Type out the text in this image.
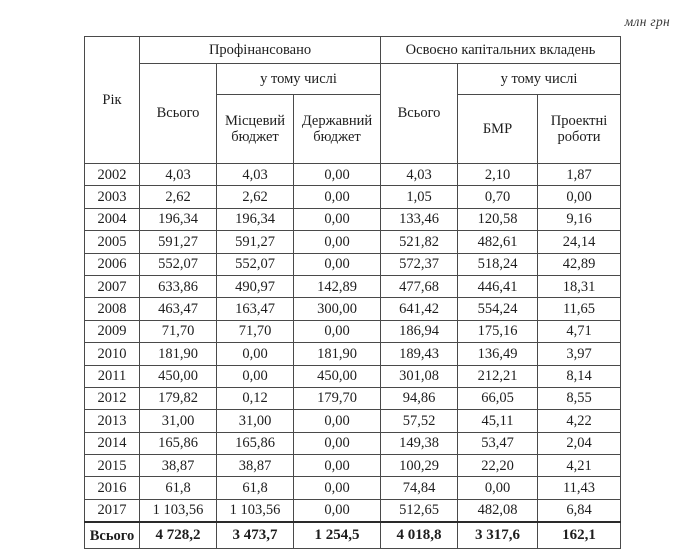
млн грн
Рік	Профінансовано			Освоєно капітальних вкладень		
	Всього	у тому числі		Всього	у тому числі	
		Місцевий бюджет	Державний бюджет		БМР	Проектні роботи
2002	4,03	4,03	0,00	4,03	2,10	1,87
2003	2,62	2,62	0,00	1,05	0,70	0,00
2004	196,34	196,34	0,00	133,46	120,58	9,16
2005	591,27	591,27	0,00	521,82	482,61	24,14
2006	552,07	552,07	0,00	572,37	518,24	42,89
2007	633,86	490,97	142,89	477,68	446,41	18,31
2008	463,47	163,47	300,00	641,42	554,24	11,65
2009	71,70	71,70	0,00	186,94	175,16	4,71
2010	181,90	0,00	181,90	189,43	136,49	3,97
2011	450,00	0,00	450,00	301,08	212,21	8,14
2012	179,82	0,12	179,70	94,86	66,05	8,55
2013	31,00	31,00	0,00	57,52	45,11	4,22
2014	165,86	165,86	0,00	149,38	53,47	2,04
2015	38,87	38,87	0,00	100,29	22,20	4,21
2016	61,8	61,8	0,00	74,84	0,00	11,43
2017	1 103,56	1 103,56	0,00	512,65	482,08	6,84
Всього	4 728,2	3 473,7	1 254,5	4 018,8	3 317,6	162,1
